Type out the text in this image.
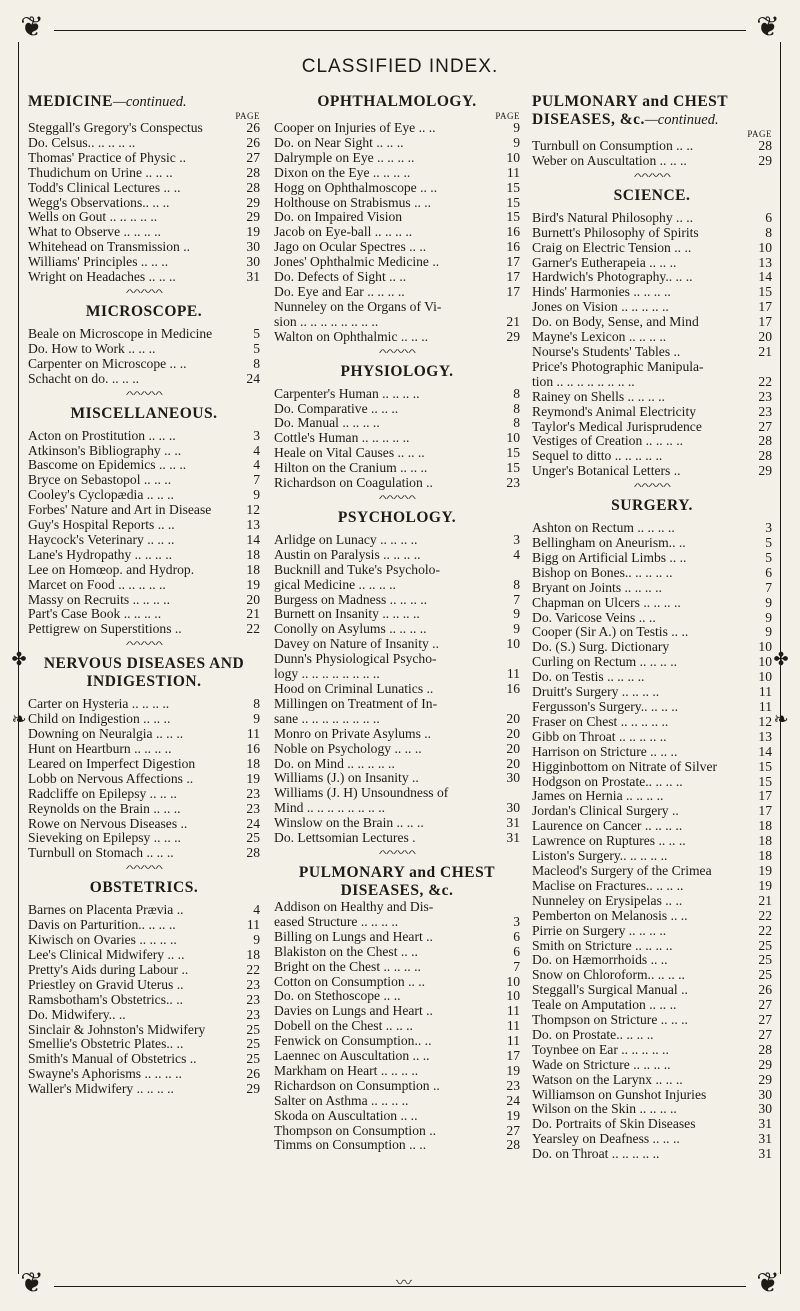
❦	❦
❦	❦
〰
✤
❧
✤
❧
CLASSIFIED INDEX.
MEDICINE—continued.
PAGE
Steggall's Gregory's Conspectus	26
Do. Celsus.. .. .. .. ..	26
Thomas' Practice of Physic ..	27
Thudichum on Urine .. .. ..	28
Todd's Clinical Lectures .. ..	28
Wegg's Observations.. .. ..	29
Wells on Gout .. .. .. .. ..	29
What to Observe .. .. .. ..	19
Whitehead on Transmission ..	30
Williams' Principles .. .. ..	30
Wright on Headaches .. .. ..	31
ᐟᐠᐟᐠᐟᐠᐟᐠᐟᐠ
MICROSCOPE.
Beale on Microscope in Medicine	5
Do. How to Work .. .. ..	5
Carpenter on Microscope .. ..	8
Schacht on do. .. .. ..	24
ᐟᐠᐟᐠᐟᐠᐟᐠᐟᐠ
MISCELLANEOUS.
Acton on Prostitution .. .. ..	3
Atkinson's Bibliography .. ..	4
Bascome on Epidemics .. .. ..	4
Bryce on Sebastopol .. .. ..	7
Cooley's Cyclopædia .. .. ..	9
Forbes' Nature and Art in Disease	12
Guy's Hospital Reports .. ..	13
Haycock's Veterinary .. .. ..	14
Lane's Hydropathy .. .. .. ..	18
Lee on Homœop. and Hydrop.	18
Marcet on Food .. .. .. .. ..	19
Massy on Recruits .. .. .. ..	20
Part's Case Book .. .. .. ..	21
Pettigrew on Superstitions ..	22
ᐟᐠᐟᐠᐟᐠᐟᐠᐟᐠ
NERVOUS DISEASES AND
INDIGESTION.
Carter on Hysteria .. .. .. ..	8
Child on Indigestion .. .. ..	9
Downing on Neuralgia .. .. ..	11
Hunt on Heartburn .. .. .. ..	16
Leared on Imperfect Digestion	18
Lobb on Nervous Affections ..	19
Radcliffe on Epilepsy .. .. ..	23
Reynolds on the Brain .. .. ..	23
Rowe on Nervous Diseases ..	24
Sieveking on Epilepsy .. .. ..	25
Turnbull on Stomach .. .. ..	28
ᐟᐠᐟᐠᐟᐠᐟᐠᐟᐠ
OBSTETRICS.
Barnes on Placenta Prævia ..	4
Davis on Parturition.. .. .. ..	11
Kiwisch on Ovaries .. .. .. ..	9
Lee's Clinical Midwifery .. ..	18
Pretty's Aids during Labour ..	22
Priestley on Gravid Uterus ..	23
Ramsbotham's Obstetrics.. ..	23
Do. Midwifery.. ..	23
Sinclair & Johnston's Midwifery	25
Smellie's Obstetric Plates.. ..	25
Smith's Manual of Obstetrics ..	25
Swayne's Aphorisms .. .. .. ..	26
Waller's Midwifery .. .. .. ..	29
OPHTHALMOLOGY.
PAGE
Cooper on Injuries of Eye .. ..	9
Do. on Near Sight .. .. ..	9
Dalrymple on Eye .. .. .. ..	10
Dixon on the Eye .. .. .. ..	11
Hogg on Ophthalmoscope .. ..	15
Holthouse on Strabismus .. ..	15
Do. on Impaired Vision	15
Jacob on Eye-ball .. .. .. ..	16
Jago on Ocular Spectres .. ..	16
Jones' Ophthalmic Medicine ..	17
Do. Defects of Sight .. ..	17
Do. Eye and Ear .. .. .. ..	17
Nunneley on the Organs of Vi-
sion .. .. .. .. .. .. .. ..	21
Walton on Ophthalmic .. .. ..	29
ᐟᐠᐟᐠᐟᐠᐟᐠᐟᐠ
PHYSIOLOGY.
Carpenter's Human .. .. .. ..	8
Do. Comparative .. .. ..	8
Do. Manual .. .. .. ..	8
Cottle's Human .. .. .. .. ..	10
Heale on Vital Causes .. .. ..	15
Hilton on the Cranium .. .. ..	15
Richardson on Coagulation ..	23
ᐟᐠᐟᐠᐟᐠᐟᐠᐟᐠ
PSYCHOLOGY.
Arlidge on Lunacy .. .. .. ..	3
Austin on Paralysis .. .. .. ..	4
Bucknill and Tuke's Psycholo-
gical Medicine .. .. .. ..	8
Burgess on Madness .. .. .. ..	7
Burnett on Insanity .. .. .. ..	9
Conolly on Asylums .. .. .. ..	9
Davey on Nature of Insanity ..	10
Dunn's Physiological Psycho-
logy .. .. .. .. .. .. .. ..	11
Hood on Criminal Lunatics ..	16
Millingen on Treatment of In-
sane .. .. .. .. .. .. .. ..	20
Monro on Private Asylums ..	20
Noble on Psychology .. .. ..	20
Do. on Mind .. .. .. .. ..	20
Williams (J.) on Insanity ..	30
Williams (J. H) Unsoundness of
Mind .. .. .. .. .. .. .. ..	30
Winslow on the Brain .. .. ..	31
Do. Lettsomian Lectures .	31
ᐟᐠᐟᐠᐟᐠᐟᐠᐟᐠ
PULMONARY and CHEST
DISEASES, &c.
Addison on Healthy and Dis-
eased Structure .. .. .. ..	3
Billing on Lungs and Heart ..	6
Blakiston on the Chest .. ..	6
Bright on the Chest .. .. .. ..	7
Cotton on Consumption .. ..	10
Do. on Stethoscope .. ..	10
Davies on Lungs and Heart ..	11
Dobell on the Chest .. .. ..	11
Fenwick on Consumption.. ..	11
Laennec on Auscultation .. ..	17
Markham on Heart .. .. .. ..	19
Richardson on Consumption ..	23
Salter on Asthma .. .. .. ..	24
Skoda on Auscultation .. ..	19
Thompson on Consumption ..	27
Timms on Consumption .. ..	28
PULMONARY and CHEST
DISEASES, &c.—continued.
PAGE
Turnbull on Consumption .. ..	28
Weber on Auscultation .. .. ..	29
ᐟᐠᐟᐠᐟᐠᐟᐠᐟᐠ
SCIENCE.
Bird's Natural Philosophy .. ..	6
Burnett's Philosophy of Spirits	8
Craig on Electric Tension .. ..	10
Garner's Eutherapeia .. .. ..	13
Hardwich's Photography.. .. ..	14
Hinds' Harmonies .. .. .. ..	15
Jones on Vision .. .. .. .. ..	17
Do. on Body, Sense, and Mind	17
Mayne's Lexicon .. .. .. ..	20
Nourse's Students' Tables ..	21
Price's Photographic Manipula-
tion .. .. .. .. .. .. .. ..	22
Rainey on Shells .. .. .. ..	23
Reymond's Animal Electricity	23
Taylor's Medical Jurisprudence	27
Vestiges of Creation .. .. .. ..	28
Sequel to ditto .. .. .. .. ..	28
Unger's Botanical Letters ..	29
ᐟᐠᐟᐠᐟᐠᐟᐠᐟᐠ
SURGERY.
Ashton on Rectum .. .. .. ..	3
Bellingham on Aneurism.. ..	5
Bigg on Artificial Limbs .. ..	5
Bishop on Bones.. .. .. .. ..	6
Bryant on Joints .. .. .. ..	7
Chapman on Ulcers .. .. .. ..	9
Do. Varicose Veins .. ..	9
Cooper (Sir A.) on Testis .. ..	9
Do. (S.) Surg. Dictionary	10
Curling on Rectum .. .. .. ..	10
Do. on Testis .. .. .. ..	10
Druitt's Surgery .. .. .. ..	11
Fergusson's Surgery.. .. .. ..	11
Fraser on Chest .. .. .. .. ..	12
Gibb on Throat .. .. .. .. ..	13
Harrison on Stricture .. .. ..	14
Higginbottom on Nitrate of Silver	15
Hodgson on Prostate.. .. .. ..	15
James on Hernia .. .. .. ..	17
Jordan's Clinical Surgery ..	17
Laurence on Cancer .. .. .. ..	18
Lawrence on Ruptures .. .. ..	18
Liston's Surgery.. .. .. .. ..	18
Macleod's Surgery of the Crimea	19
Maclise on Fractures.. .. .. ..	19
Nunneley on Erysipelas .. ..	21
Pemberton on Melanosis .. ..	22
Pirrie on Surgery .. .. .. ..	22
Smith on Stricture .. .. .. ..	25
Do. on Hæmorrhoids .. ..	25
Snow on Chloroform.. .. .. ..	25
Steggall's Surgical Manual ..	26
Teale on Amputation .. .. ..	27
Thompson on Stricture .. .. ..	27
Do. on Prostate.. .. .. ..	27
Toynbee on Ear .. .. .. .. ..	28
Wade on Stricture .. .. .. ..	29
Watson on the Larynx .. .. ..	29
Williamson on Gunshot Injuries	30
Wilson on the Skin .. .. .. ..	30
Do. Portraits of Skin Diseases	31
Yearsley on Deafness .. .. ..	31
Do. on Throat .. .. .. .. ..	31
